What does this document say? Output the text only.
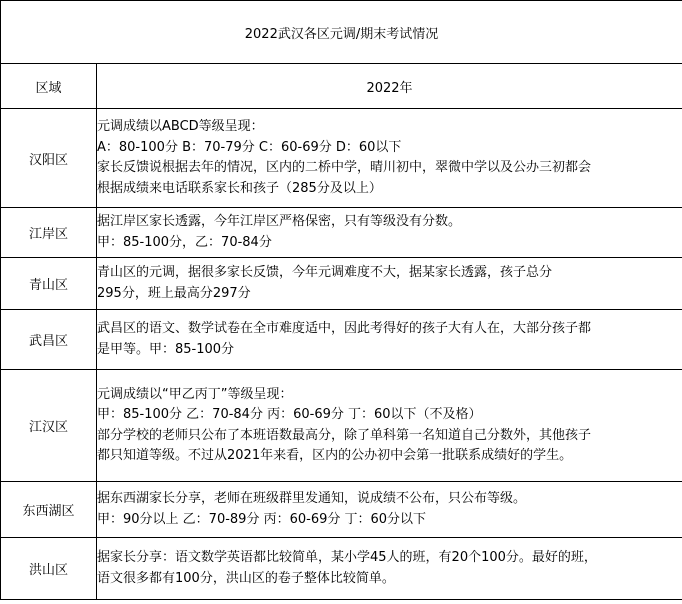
2022武汉各区元调/期末考试情况	
区域	2022年
汉阳区	元调成绩以ABCD等级呈现：
A：80-100分 B：70-79分 C：60-69分 D：60以下
家长反馈说根据去年的情况，区内的二桥中学，晴川初中，翠微中学以及公办三初都会
根据成绩来电话联系家长和孩子（285分及以上）

江岸区	据江岸区家长透露，今年江岸区严格保密，只有等级没有分数。
甲：85-100分，乙：70-84分

青山区	青山区的元调，据很多家长反馈，今年元调难度不大，据某家长透露，孩子总分
295分，班上最高分297分

武昌区	武昌区的语文、数学试卷在全市难度适中，因此考得好的孩子大有人在，大部分孩子都
是甲等。甲：85-100分

江汉区	元调成绩以“甲乙丙丁”等级呈现：
甲：85-100分 乙：70-84分 丙：60-69分 丁：60以下（不及格）
部分学校的老师只公布了本班语数最高分，除了单科第一名知道自己分数外，其他孩子
都只知道等级。不过从2021年来看，区内的公办初中会第一批联系成绩好的学生。

东西湖区	据东西湖家长分享，老师在班级群里发通知，说成绩不公布，只公布等级。
甲：90分以上 乙：70-89分 丙：60-69分 丁：60分以下

洪山区	据家长分享：语文数学英语都比较简单，某小学45人的班，有20个100分。最好的班，
语文很多都有100分，洪山区的卷子整体比较简单。
